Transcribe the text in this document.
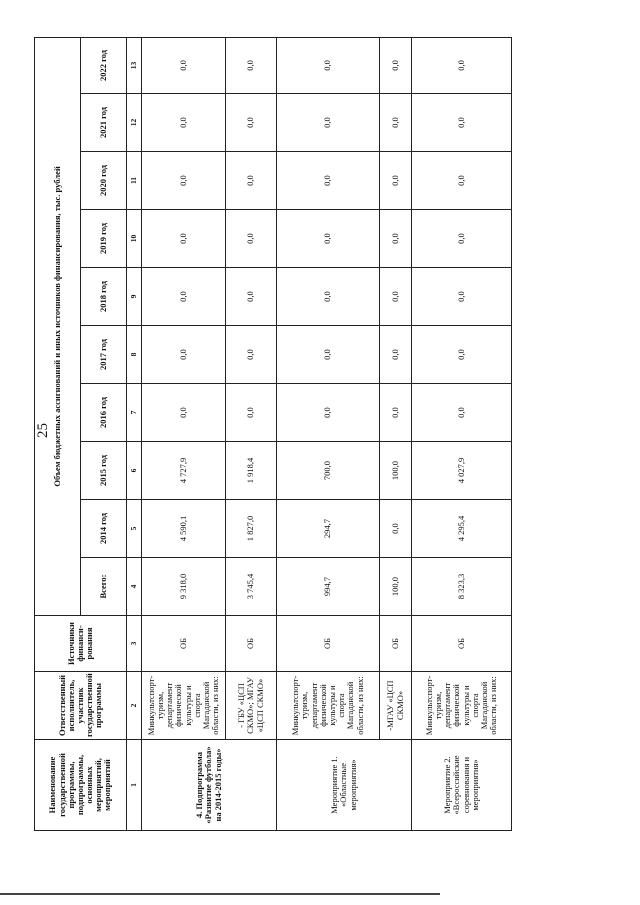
25
Наименование государственной программы, подпрограммы, основных мероприятий, мероприятий	Ответственный исполнитель, участник государственной программы	Источники финанси-рования	Объем бюджетных ассигнований и иных источников финансирования, тыс. рублей									
			Всего:	2014 год	2015 год	2016 год	2017 год	2018 год	2019 год	2020 год	2021 год	2022 год
1	2	3	4	5	6	7	8	9	10	11	12	13
4. Подпрограмма «Развитие футбола» на 2014-2015 годы»	Минкультспорт-туризм, департамент физической культуры и спорта Магаданской области, из них:	ОБ	9 318,0	4 590,1	4 727,9	0,0	0,0	0,0	0,0	0,0	0,0	0,0
	- ГБУ «ЦСП СКМО»; МГАУ «ЦСП СКМО»	ОБ	3 745,4	1 827,0	1 918,4	0,0	0,0	0,0	0,0	0,0	0,0	0,0
Мероприятие 1. «Областные мероприятия»	Минкультспорт-туризм, департамент физической культуры и спорта Магаданской области, из них:	ОБ	994,7	294,7	700,0	0,0	0,0	0,0	0,0	0,0	0,0	0,0
	-МГАУ «ЦСП СКМО»	ОБ	100,0	0,0	100,0	0,0	0,0	0,0	0,0	0,0	0,0	0,0
Мероприятие 2. «Всероссийские соревнования и мероприятия»	Минкультспорт-туризм, департамент физической культуры и спорта Магаданской области, из них:	ОБ	8 323,3	4 295,4	4 027,9	0,0	0,0	0,0	0,0	0,0	0,0	0,0
